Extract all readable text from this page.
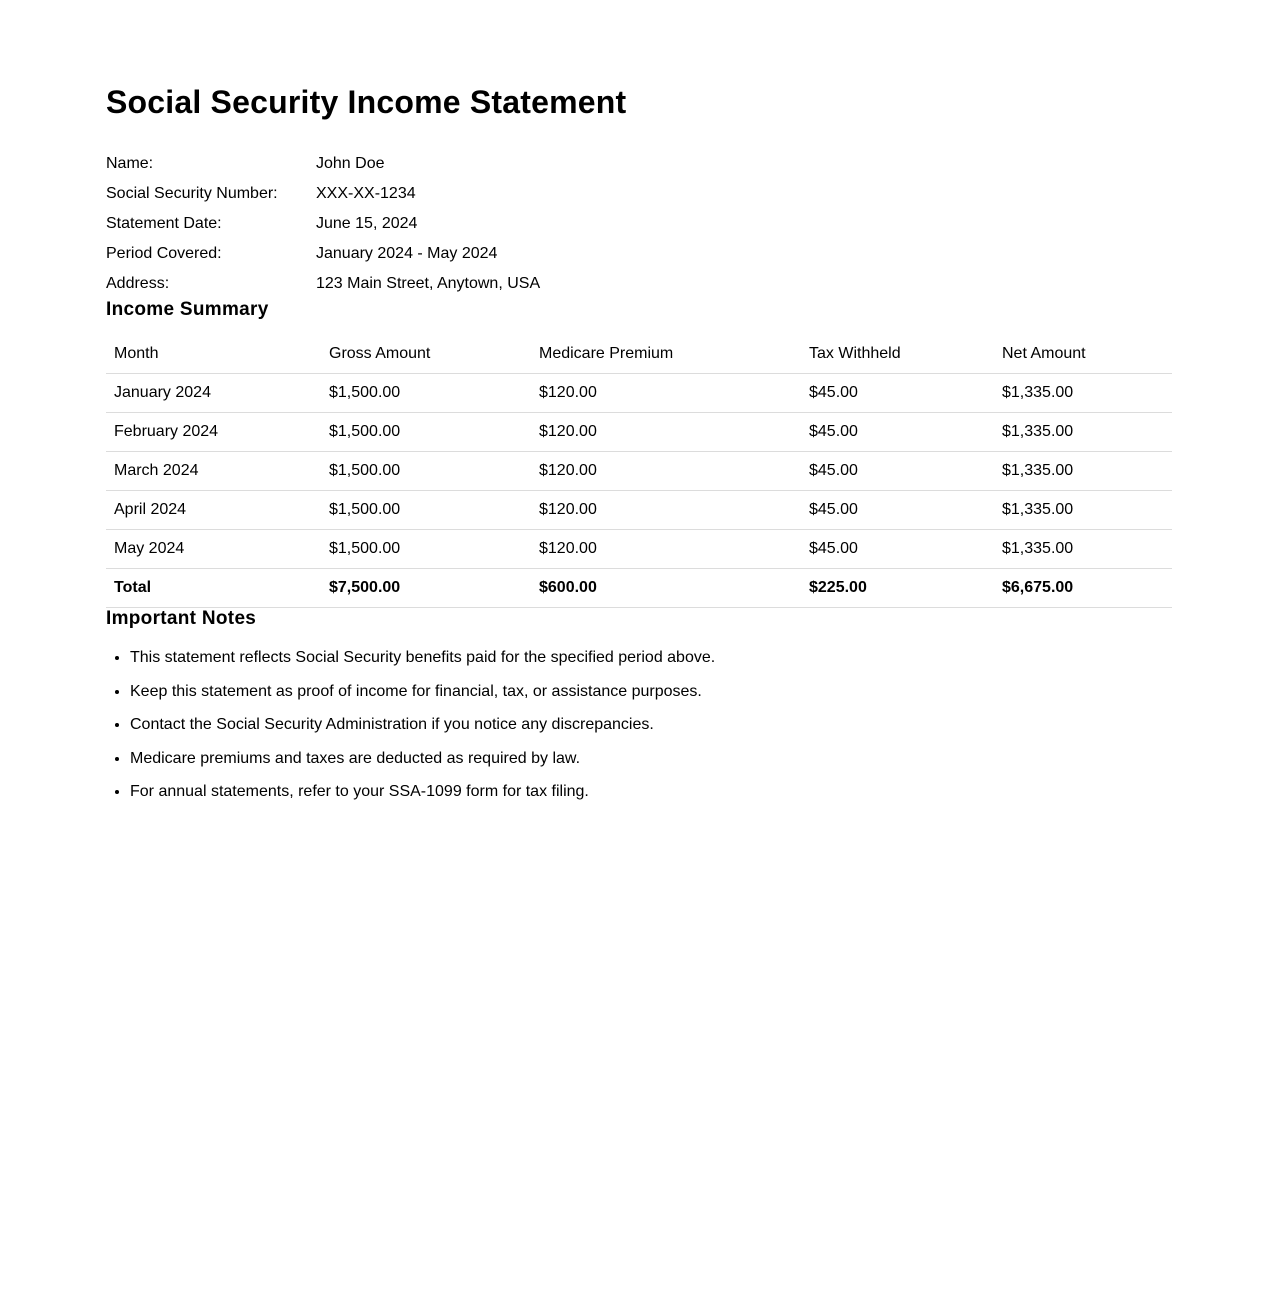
Social Security Income Statement
Name:	John Doe
Social Security Number:	XXX-XX-1234
Statement Date:	June 15, 2024
Period Covered:	January 2024 - May 2024
Address:	123 Main Street, Anytown, USA
Income Summary
Month	Gross Amount	Medicare Premium	Tax Withheld	Net Amount
January 2024	$1,500.00	$120.00	$45.00	$1,335.00
February 2024	$1,500.00	$120.00	$45.00	$1,335.00
March 2024	$1,500.00	$120.00	$45.00	$1,335.00
April 2024	$1,500.00	$120.00	$45.00	$1,335.00
May 2024	$1,500.00	$120.00	$45.00	$1,335.00
Total	$7,500.00	$600.00	$225.00	$6,675.00
Important Notes
• This statement reflects Social Security benefits paid for the specified period above.
• Keep this statement as proof of income for financial, tax, or assistance purposes.
• Contact the Social Security Administration if you notice any discrepancies.
• Medicare premiums and taxes are deducted as required by law.
• For annual statements, refer to your SSA-1099 form for tax filing.
